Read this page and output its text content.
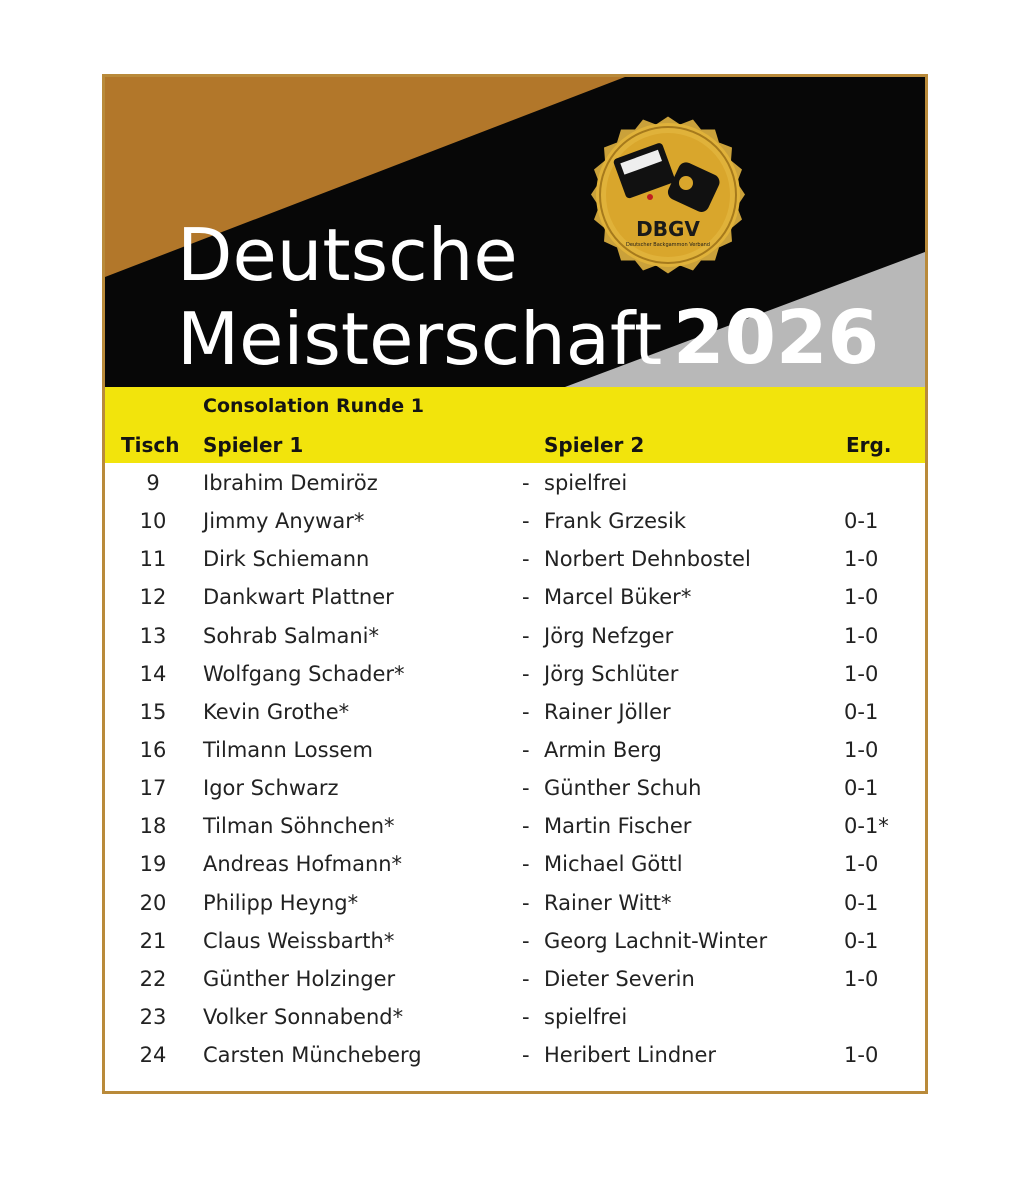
DBGV
Deutscher Backgammon Verband
Deutsche
Meisterschaft 2026
Consolation Runde 1
Tisch Spieler 1	Spieler 2	Erg.
9	Ibrahim Demiröz	- spielfrei
10	Jimmy Anywar*	- Frank Grzesik	0-1
11	Dirk Schiemann	- Norbert Dehnbostel	1-0
12	Dankwart Plattner	- Marcel Büker*	1-0
13	Sohrab Salmani*	- Jörg Nefzger	1-0
14	Wolfgang Schader*	- Jörg Schlüter	1-0
15	Kevin Grothe*	- Rainer Jöller	0-1
16	Tilmann Lossem	- Armin Berg	1-0
17	Igor Schwarz	- Günther Schuh	0-1
18	Tilman Söhnchen*	- Martin Fischer	0-1*
19	Andreas Hofmann*	- Michael Göttl	1-0
20	Philipp Heyng*	- Rainer Witt*	0-1
21	Claus Weissbarth*	- Georg Lachnit-Winter	0-1
22	Günther Holzinger	- Dieter Severin	1-0
23	Volker Sonnabend*	- spielfrei
24	Carsten Müncheberg	- Heribert Lindner	1-0
